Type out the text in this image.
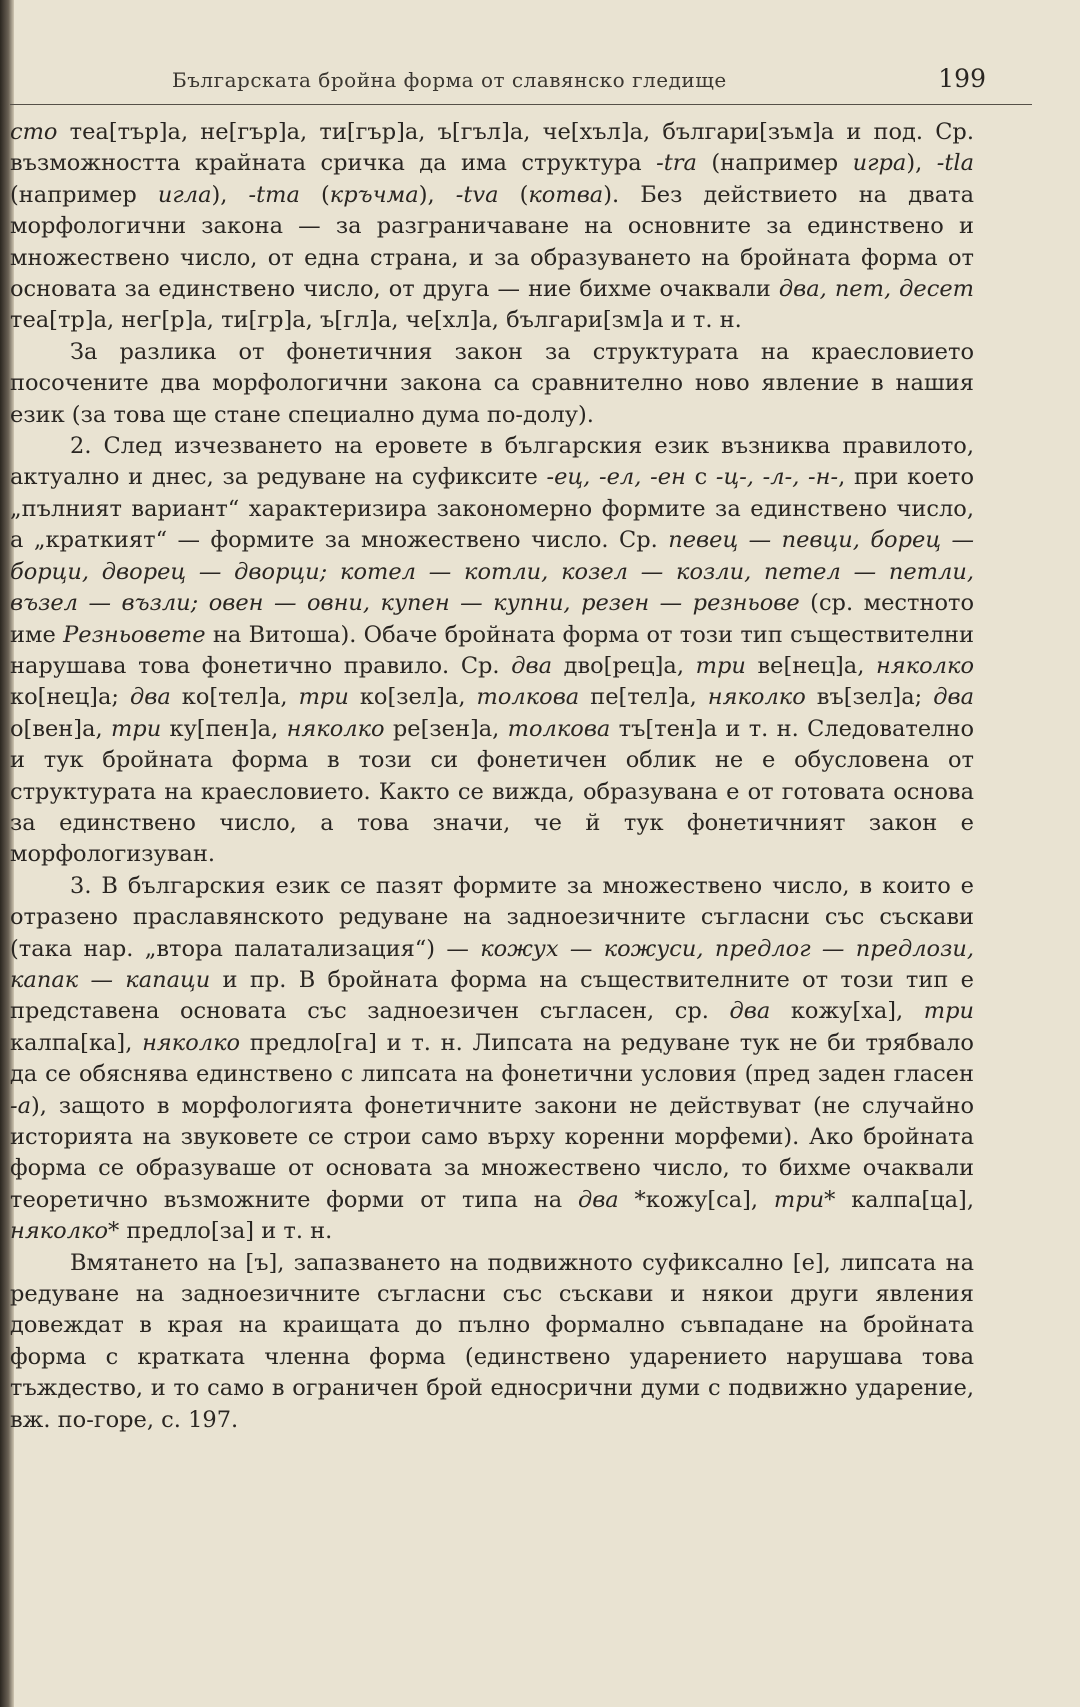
Българската бройна форма от славянско гледище	199

сто теа[тър]а, не[гър]а, ти[гър]а, ъ[гъл]а, че[хъл]а, българи[зъм]а и под. Ср. възможността крайната сричка да има структура -tra (например игра), -tla (например игла), -tma (кръчма), -tva (котва). Без действието на двата морфологични закона — за разграничаване на основните за единствено и множествено число, от една страна, и за образуването на бройната форма от основата за единствено число, от друга — ние бихме очаквали два, пет, десет теа[тр]а, нег[р]а, ти[гр]а, ъ[гл]а, че[хл]а, българи[зм]а и т. н.

За разлика от фонетичния закон за структурата на краесловието посочените два морфологични закона са сравнително ново явление в нашия език (за това ще стане специално дума по-долу).

2. След изчезването на еровете в българския език възниква правилото, актуално и днес, за редуване на суфиксите -ец, -ел, -ен с -ц-, -л-, -н-, при което „пълният вариант“ характеризира закономерно формите за единствено число, а „краткият“ — формите за множествено число. Ср. певец — певци, борец — борци, дворец — дворци; котел — котли, козел — козли, петел — петли, възел — възли; овен — овни, купен — купни, резен — резньове (ср. местното име Резньовете на Витоша). Обаче бройната форма от този тип съществителни нарушава това фонетично правило. Ср. два дво[рец]а, три ве[нец]а, няколко ко[нец]а; два ко[тел]а, три ко[зел]а, толкова пе[тел]а, няколко въ[зел]а; два о[вен]а, три ку[пен]а, няколко ре[зен]а, толкова тъ[тен]а и т. н. Следователно и тук бройната форма в този си фонетичен облик не е обусловена от структурата на краесловието. Както се вижда, образувана е от готовата основа за единствено число, а това значи, че й тук фонетичният закон е морфологизуван.

3. В българския език се пазят формите за множествено число, в които е отразено праславянското редуване на задноезичните съгласни със съскави (така нар. „втора палатализация“) — кожух — кожуси, предлог — предлози, капак — капаци и пр. В бройната форма на съществителните от този тип е представена основата със задноезичен съгласен, ср. два кожу[ха], три калпа[ка], няколко предло[га] и т. н. Липсата на редуване тук не би трябвало да се обяснява единствено с липсата на фонетични условия (пред заден гласен -а), защото в морфологията фонетичните закони не действуват (не случайно историята на звуковете се строи само върху коренни морфеми). Ако бройната форма се образуваше от основата за множествено число, то бихме очаквали теоретично възможните форми от типа на два *кожу[са], три* калпа[ца], няколко* предло[за] и т. н.

Вмятането на [ъ], запазването на подвижното суфиксално [е], липсата на редуване на задноезичните съгласни със съскави и някои други явления довеждат в края на краищата до пълно формално съвпадане на бройната форма с кратката членна форма (единствено ударението нарушава това тъждество, и то само в ограничен брой едносрични думи с подвижно ударение, вж. по-горе, с. 197.
